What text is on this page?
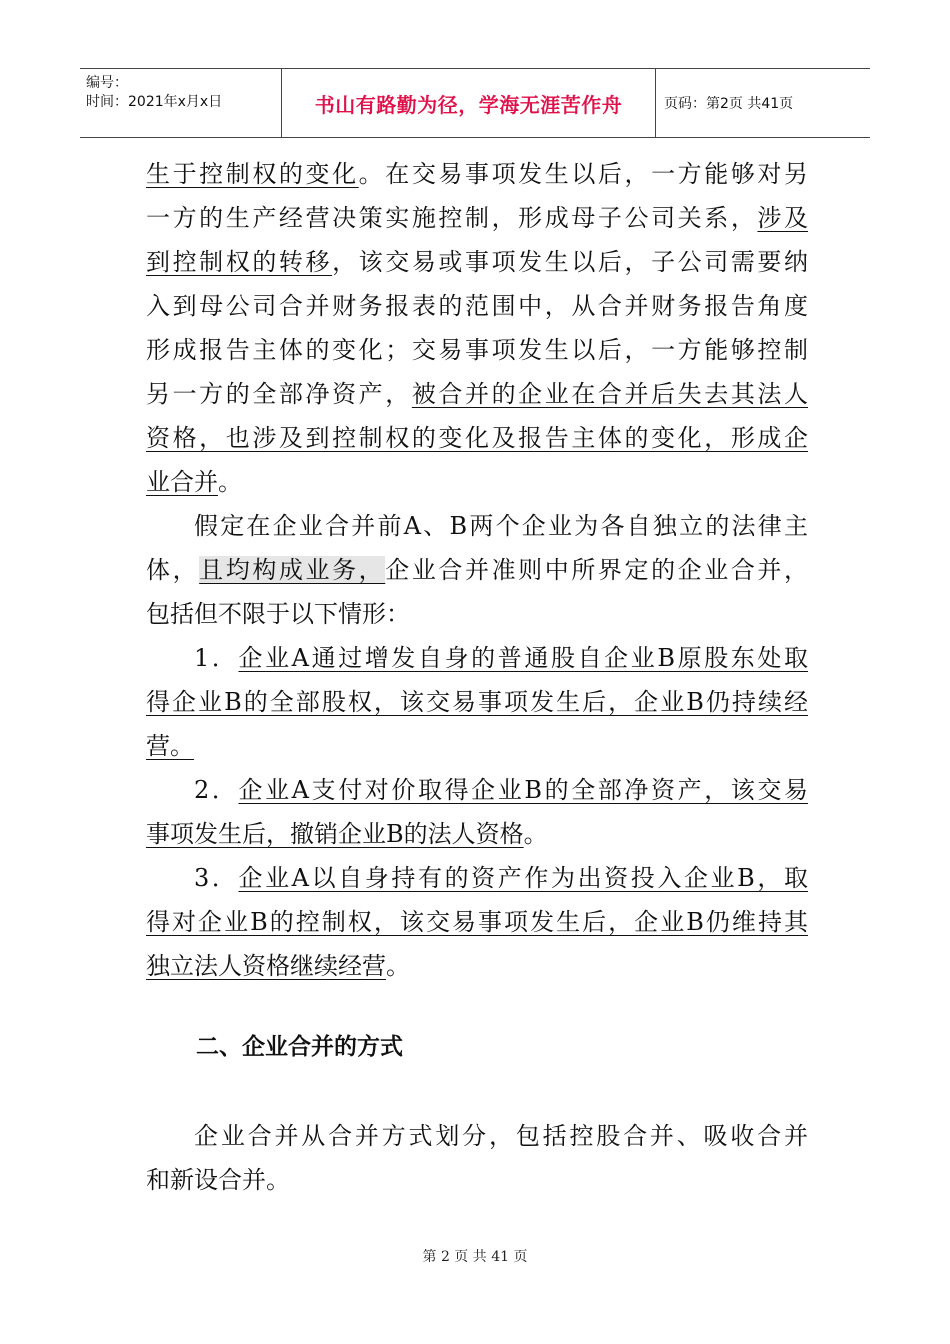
编号：
时间：2021年x月x日	书山有路勤为径，学海无涯苦作舟	页码：第2页 共41页
生于控制权的变化。在交易事项发生以后，一方能够对另
一方的生产经营决策实施控制，形成母子公司关系，涉及
到控制权的转移，该交易或事项发生以后，子公司需要纳
入到母公司合并财务报表的范围中，从合并财务报告角度
形成报告主体的变化；交易事项发生以后，一方能够控制
另一方的全部净资产，被合并的企业在合并后失去其法人
资格，也涉及到控制权的变化及报告主体的变化，形成企
业合并。
假定在企业合并前A、B两个企业为各自独立的法律主
体，且均构成业务，企业合并准则中所界定的企业合并，
包括但不限于以下情形：
1．企业A通过增发自身的普通股自企业B原股东处取
得企业B的全部股权，该交易事项发生后，企业B仍持续经
营。
2．企业A支付对价取得企业B的全部净资产，该交易
事项发生后，撤销企业B的法人资格。
3．企业A以自身持有的资产作为出资投入企业B，取
得对企业B的控制权，该交易事项发生后，企业B仍维持其
独立法人资格继续经营。
二、企业合并的方式
企业合并从合并方式划分，包括控股合并、吸收合并
和新设合并。
第 2 页 共 41 页
